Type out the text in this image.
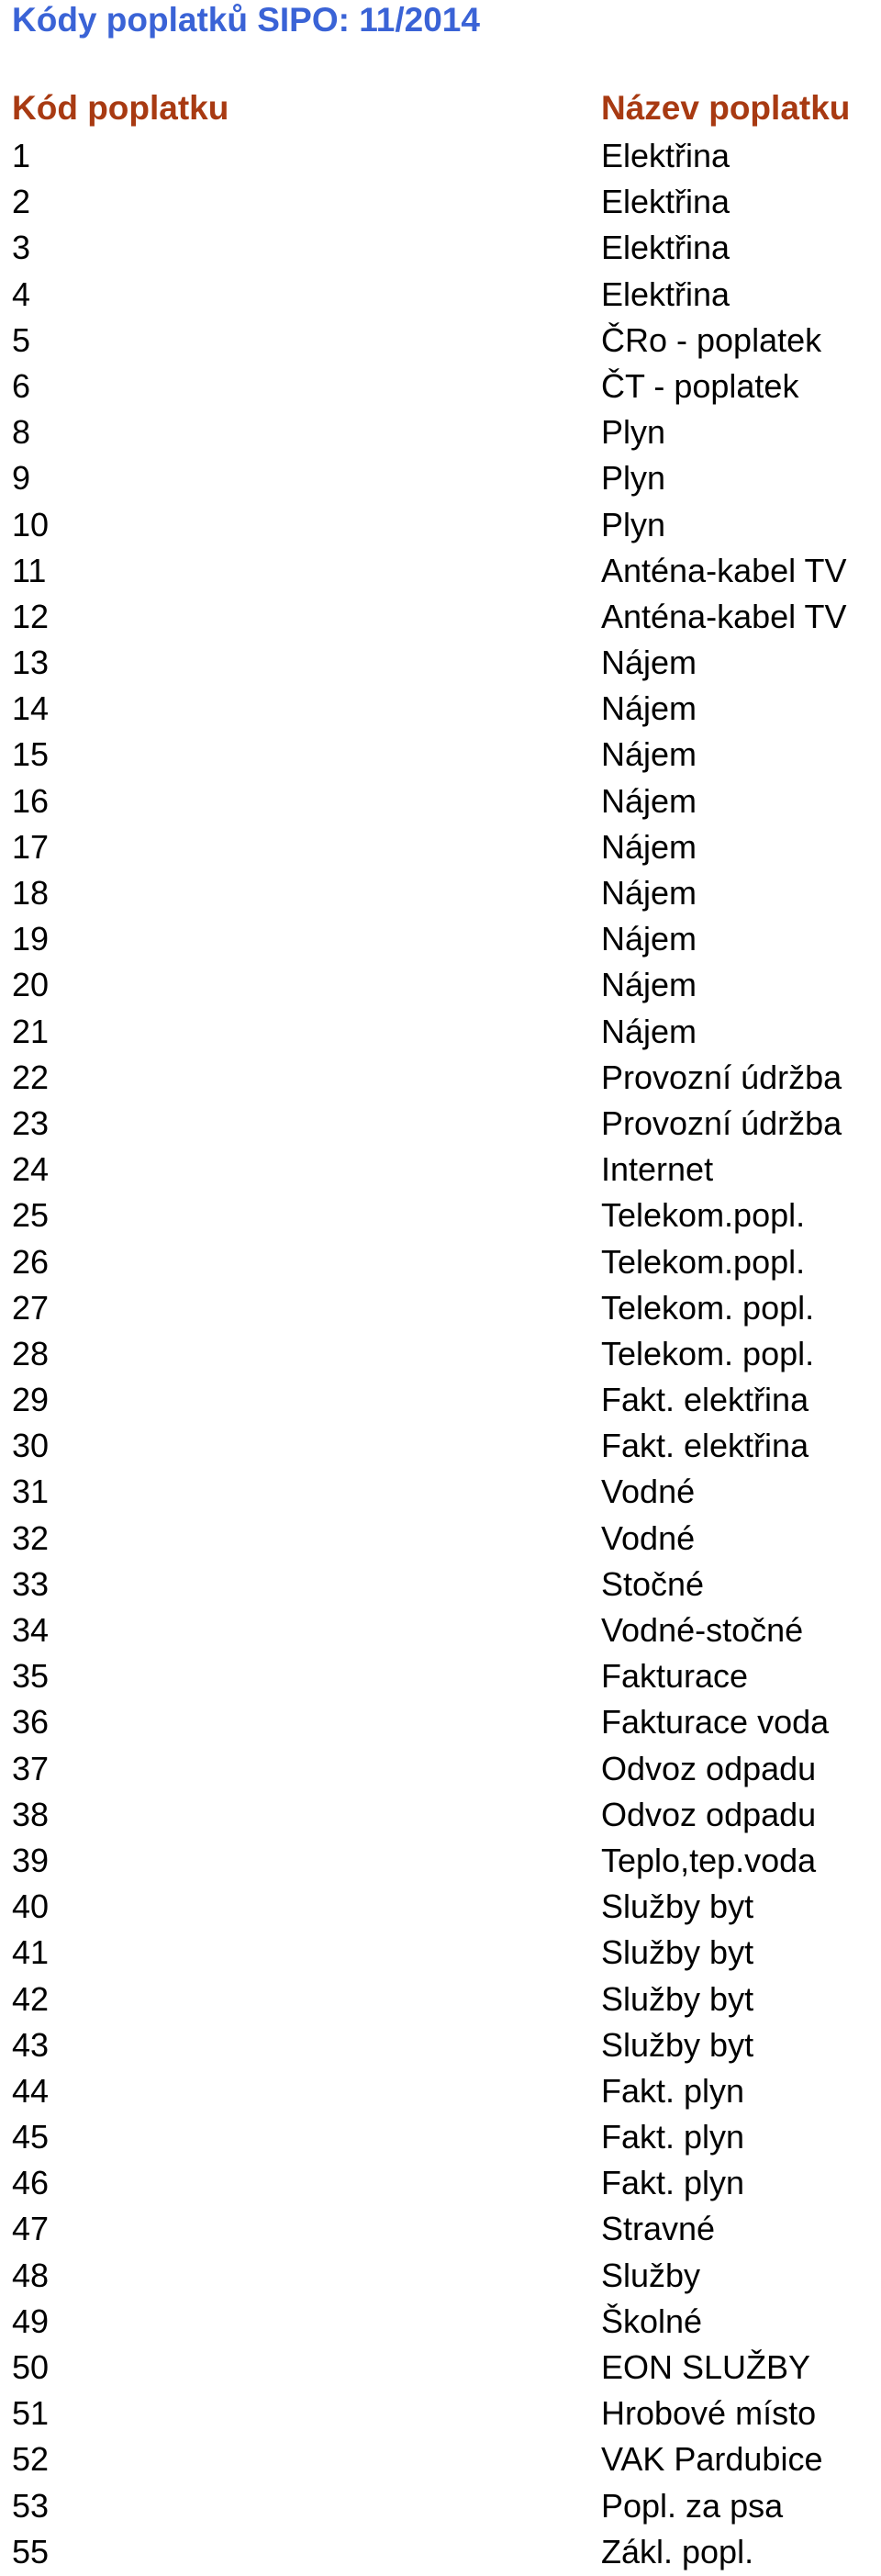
Kódy poplatků SIPO: 11/2014
Kód poplatku	Název poplatku
1	Elektřina
2	Elektřina
3	Elektřina
4	Elektřina
5	ČRo - poplatek
6	ČT - poplatek
8	Plyn
9	Plyn
10	Plyn
11	Anténa-kabel TV
12	Anténa-kabel TV
13	Nájem
14	Nájem
15	Nájem
16	Nájem
17	Nájem
18	Nájem
19	Nájem
20	Nájem
21	Nájem
22	Provozní údržba
23	Provozní údržba
24	Internet
25	Telekom.popl.
26	Telekom.popl.
27	Telekom. popl.
28	Telekom. popl.
29	Fakt. elektřina
30	Fakt. elektřina
31	Vodné
32	Vodné
33	Stočné
34	Vodné-stočné
35	Fakturace
36	Fakturace voda
37	Odvoz odpadu
38	Odvoz odpadu
39	Teplo,tep.voda
40	Služby byt
41	Služby byt
42	Služby byt
43	Služby byt
44	Fakt. plyn
45	Fakt. plyn
46	Fakt. plyn
47	Stravné
48	Služby
49	Školné
50	EON SLUŽBY
51	Hrobové místo
52	VAK Pardubice
53	Popl. za psa
55	Zákl. popl.
